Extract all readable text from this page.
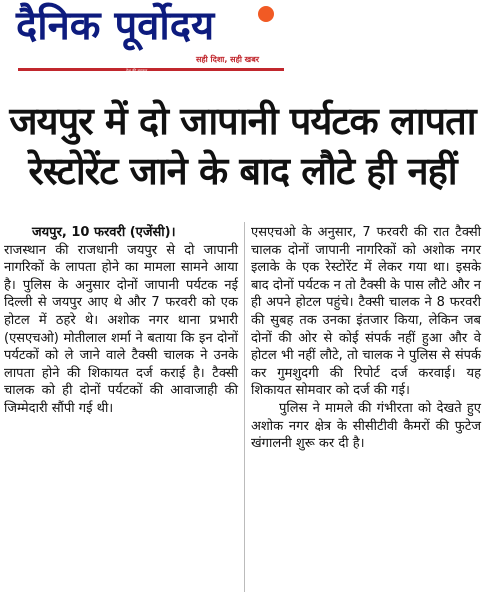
दैनिक पूर्वोदय
सही दिशा, सही खबर
देश की धड़कन
जयपुर में दो जापानी पर्यटक लापता
रेस्टोरेंट जाने के बाद लौटे ही नहीं

जयपुर, 10 फरवरी (एजेंसी)।

राजस्थान की राजधानी जयपुर से दो जापानी नागरिकों के लापता होने का मामला सामने आया है। पुलिस के अनुसार दोनों जापानी पर्यटक नई दिल्ली से जयपुर आए थे और 7 फरवरी को एक होटल में ठहरे थे। अशोक नगर थाना प्रभारी (एसएचओ) मोतीलाल शर्मा ने बताया कि इन दोनों पर्यटकों को ले जाने वाले टैक्सी चालक ने उनके लापता होने की शिकायत दर्ज कराई है। टैक्सी चालक को ही दोनों पर्यटकों की आवाजाही की जिम्मेदारी सौंपी गई थी।

एसएचओ के अनुसार, 7 फरवरी की रात टैक्सी चालक दोनों जापानी नागरिकों को अशोक नगर इलाके के एक रेस्टोरेंट में लेकर गया था। इसके बाद दोनों पर्यटक न तो टैक्सी के पास लौटे और न ही अपने होटल पहुंचे। टैक्सी चालक ने 8 फरवरी की सुबह तक उनका इंतजार किया, लेकिन जब दोनों की ओर से कोई संपर्क नहीं हुआ और वे होटल भी नहीं लौटे, तो चालक ने पुलिस से संपर्क कर गुमशुदगी की रिपोर्ट दर्ज करवाई। यह शिकायत सोमवार को दर्ज की गई।

पुलिस ने मामले की गंभीरता को देखते हुए अशोक नगर क्षेत्र के सीसीटीवी कैमरों की फुटेज खंगालनी शुरू कर दी है।
